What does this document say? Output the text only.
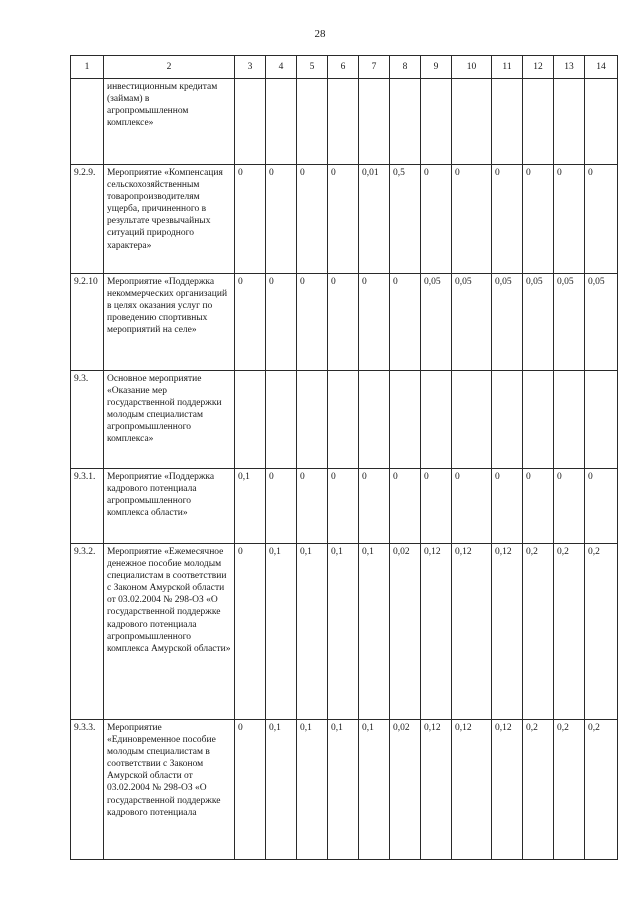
28
1	2	3	4	5	6	7	8	9	10	11	12	13	14
	инвестиционным кредитам (займам) в агропромышленном комплексе»												
9.2.9.	Мероприятие «Компенсация сельскохозяйственным товаропроизводителям ущерба, причиненного в результате чрезвычайных ситуаций природного характера»	0	0	0	0	0,01	0,5	0	0	0	0	0	0
9.2.10	Мероприятие «Поддержка некоммерческих организаций в целях оказания услуг по проведению спортивных мероприятий на селе»	0	0	0	0	0	0	0,05	0,05	0,05	0,05	0,05	0,05
9.3.	Основное мероприятие «Оказание мер государственной поддержки молодым специалистам агропромышленного комплекса»												
9.3.1.	Мероприятие «Поддержка кадрового потенциала агропромышленного комплекса области»	0,1	0	0	0	0	0	0	0	0	0	0	0
9.3.2.	Мероприятие «Ежемесячное денежное пособие молодым специалистам в соответствии с Законом Амурской области от 03.02.2004 № 298-ОЗ «О государственной поддержке кадрового потенциала агропромышленного комплекса Амурской области»	0	0,1	0,1	0,1	0,1	0,02	0,12	0,12	0,12	0,2	0,2	0,2
9.3.3.	Мероприятие «Единовременное пособие молодым специалистам в соответствии с Законом Амурской области от 03.02.2004 № 298-ОЗ «О государственной поддержке кадрового потенциала	0	0,1	0,1	0,1	0,1	0,02	0,12	0,12	0,12	0,2	0,2	0,2
